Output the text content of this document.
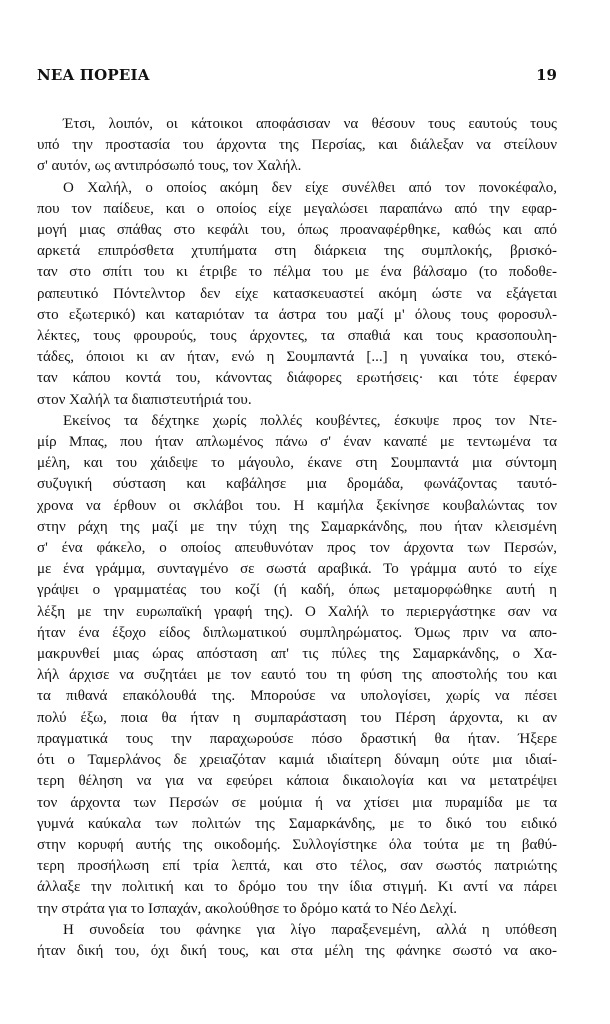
ΝΕΑ ΠΟΡΕΙΑ	19
Έτσι, λοιπόν, οι κάτοικοι αποφάσισαν να θέσουν τους εαυτούς τους
υπό την προστασία του άρχοντα της Περσίας, και διάλεξαν να στείλουν
σ' αυτόν, ως αντιπρόσωπό τους, τον Χαλήλ.
Ο Χαλήλ, ο οποίος ακόμη δεν είχε συνέλθει από τον πονοκέφαλο,
που τον παίδευε, και ο οποίος είχε μεγαλώσει παραπάνω από την εφαρ-
μογή μιας σπάθας στο κεφάλι του, όπως προαναφέρθηκε, καθώς και από
αρκετά επιπρόσθετα χτυπήματα στη διάρκεια της συμπλοκής, βρισκό-
ταν στο σπίτι του κι έτριβε το πέλμα του με ένα βάλσαμο (το ποδοθε-
ραπευτικό Πόντελντορ δεν είχε κατασκευαστεί ακόμη ώστε να εξάγεται
στο εξωτερικό) και καταριόταν τα άστρα του μαζί μ' όλους τους φοροσυλ-
λέκτες, τους φρουρούς, τους άρχοντες, τα σπαθιά και τους κρασοπουλη-
τάδες, όποιοι κι αν ήταν, ενώ η Σουμπαντά [...] η γυναίκα του, στεκό-
ταν κάπου κοντά του, κάνοντας διάφορες ερωτήσεις· και τότε έφεραν
στον Χαλήλ τα διαπιστευτήριά του.
Εκείνος τα δέχτηκε χωρίς πολλές κουβέντες, έσκυψε προς τον Ντε-
μίρ Μπας, που ήταν απλωμένος πάνω σ' έναν καναπέ με τεντωμένα τα
μέλη, και του χάιδεψε το μάγουλο, έκανε στη Σουμπαντά μια σύντομη
συζυγική σύσταση και καβάλησε μια δρομάδα, φωνάζοντας ταυτό-
χρονα να έρθουν οι σκλάβοι του. Η καμήλα ξεκίνησε κουβαλώντας τον
στην ράχη της μαζί με την τύχη της Σαμαρκάνδης, που ήταν κλεισμένη
σ' ένα φάκελο, ο οποίος απευθυνόταν προς τον άρχοντα των Περσών,
με ένα γράμμα, συνταγμένο σε σωστά αραβικά. Το γράμμα αυτό το είχε
γράψει ο γραμματέας του κοζί (ή καδή, όπως μεταμορφώθηκε αυτή η
λέξη με την ευρωπαϊκή γραφή της). Ο Χαλήλ το περιεργάστηκε σαν να
ήταν ένα έξοχο είδος διπλωματικού συμπληρώματος. Όμως πριν να απο-
μακρυνθεί μιας ώρας απόσταση απ' τις πύλες της Σαμαρκάνδης, ο Χα-
λήλ άρχισε να συζητάει με τον εαυτό του τη φύση της αποστολής του και
τα πιθανά επακόλουθά της. Μπορούσε να υπολογίσει, χωρίς να πέσει
πολύ έξω, ποια θα ήταν η συμπαράσταση του Πέρση άρχοντα, κι αν
πραγματικά τους την παραχωρούσε πόσο δραστική θα ήταν. Ήξερε
ότι ο Ταμερλάνος δε χρειαζόταν καμιά ιδιαίτερη δύναμη ούτε μια ιδιαί-
τερη θέληση να για να εφεύρει κάποια δικαιολογία και να μετατρέψει
τον άρχοντα των Περσών σε μούμια ή να χτίσει μια πυραμίδα με τα
γυμνά καύκαλα των πολιτών της Σαμαρκάνδης, με το δικό του ειδικό
στην κορυφή αυτής της οικοδομής. Συλλογίστηκε όλα τούτα με τη βαθύ-
τερη προσήλωση επί τρία λεπτά, και στο τέλος, σαν σωστός πατριώτης
άλλαξε την πολιτική και το δρόμο του την ίδια στιγμή. Κι αντί να πάρει
την στράτα για το Ισπαχάν, ακολούθησε το δρόμο κατά το Νέο Δελχί.
Η συνοδεία του φάνηκε για λίγο παραξενεμένη, αλλά η υπόθεση
ήταν δική του, όχι δική τους, και στα μέλη της φάνηκε σωστό να ακο-
